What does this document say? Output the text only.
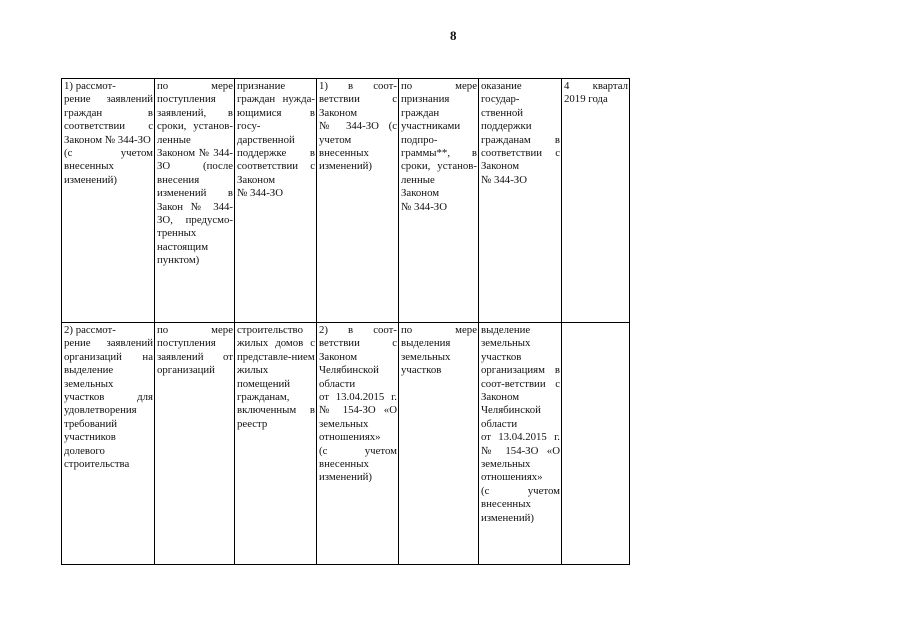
8
1) рассмот-
рение заявлений граждан в соответствии с Законом № 344-ЗО
(с учетом внесенных изменений)	по мере поступления заявлений, в сроки, установ-ленные
Законом № 344-ЗО (после внесения изменений в Закон № 344-ЗО, предусмо-тренных настоящим пунктом)	признание граждан нужда-ющимися в госу-дарственной поддержке в соответствии с Законом
№ 344-ЗО	1) в соот-ветствии с Законом
№ 344-ЗО (с учетом внесенных изменений)	по мере признания граждан участниками подпро-граммы**, в сроки, установ-ленные
Законом
№ 344-ЗО	оказание государ-ственной поддержки гражданам в соответствии с Законом
№ 344-ЗО	4 квартал 2019 года
2) рассмот-
рение заявлений организаций на выделение земельных участков для удовлетворения требований участников долевого строительства	по мере поступления заявлений от организаций	строительство жилых домов с представле-нием жилых помещений гражданам, включенным в реестр	2) в соот-ветствии с Законом Челябинской области
от 13.04.2015 г. № 154-ЗО «О земельных отношениях»
(с учетом внесенных изменений)	по мере выделения земельных участков	выделение земельных участков организациям в соот-ветствии с Законом Челябинской области
от 13.04.2015 г. № 154-ЗО «О земельных отношениях»
(с учетом внесенных изменений)	
